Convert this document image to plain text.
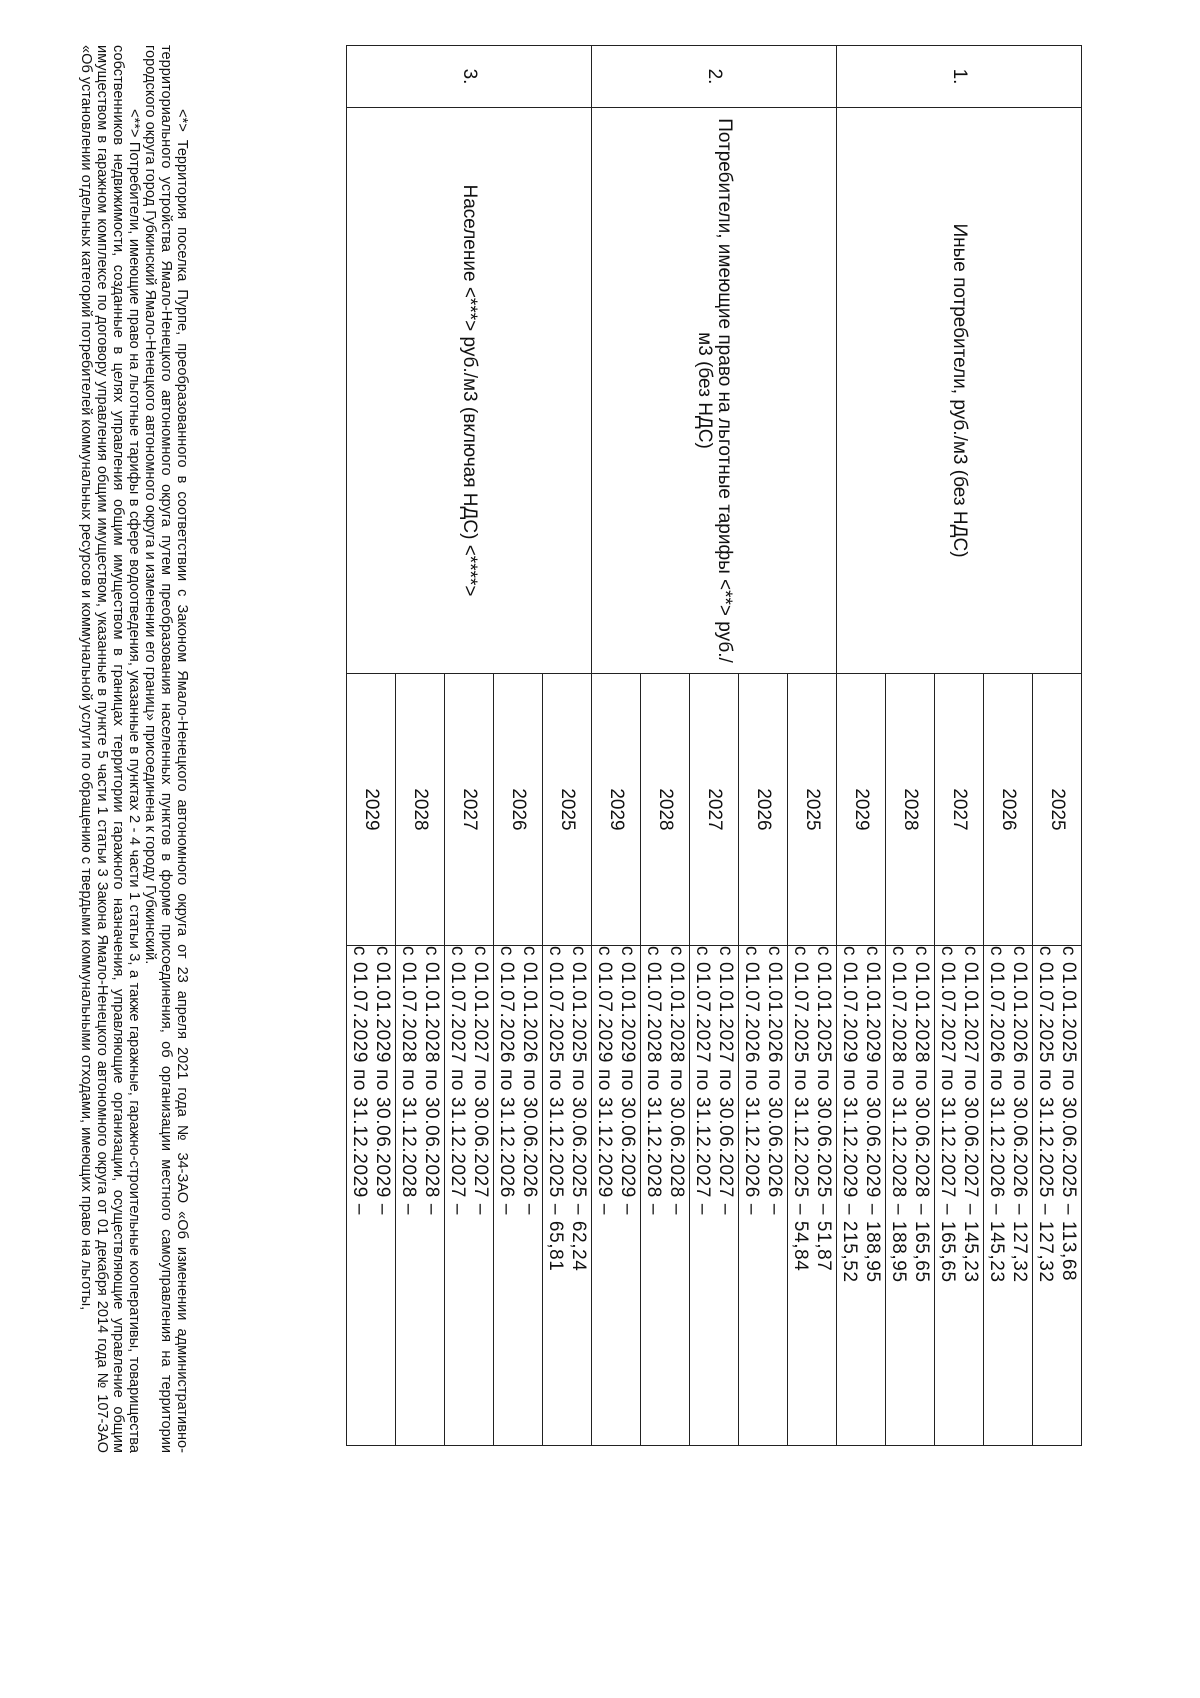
1.	Иные потребители, руб./м3 (без НДС)	2025	с 01.01.2025 по 30.06.2025 – 113,68
с 01.07.2025 по 31.12.2025 – 127,32

		2026	с 01.01.2026 по 30.06.2026 – 127,32
с 01.07.2026 по 31.12.2026 – 145,23

		2027	с 01.01.2027 по 30.06.2027 – 145,23
с 01.07.2027 по 31.12.2027 – 165,65

		2028	с 01.01.2028 по 30.06.2028 – 165,65
с 01.07.2028 по 31.12.2028 – 188,95

		2029	с 01.01.2029 по 30.06.2029 – 188,95
с 01.07.2029 по 31.12.2029 – 215,52

2.	Потребители, имеющие право на льготные тарифы <**> руб./м3 (без НДС)	2025	с 01.01.2025 по 30.06.2025 – 51,87
с 01.07.2025 по 31.12.2025 – 54,84

		2026	с 01.01.2026 по 30.06.2026 –
с 01.07.2026 по 31.12.2026 –

		2027	с 01.01.2027 по 30.06.2027 –
с 01.07.2027 по 31.12.2027 –

		2028	с 01.01.2028 по 30.06.2028 –
с 01.07.2028 по 31.12.2028 –

		2029	с 01.01.2029 по 30.06.2029 –
с 01.07.2029 по 31.12.2029 –

3.	Население <***> руб./м3 (включая НДС) <****>	2025	с 01.01.2025 по 30.06.2025 – 62,24
с 01.07.2025 по 31.12.2025 – 65,81

		2026	с 01.01.2026 по 30.06.2026 –
с 01.07.2026 по 31.12.2026 –

		2027	с 01.01.2027 по 30.06.2027 –
с 01.07.2027 по 31.12.2027 –

		2028	с 01.01.2028 по 30.06.2028 –
с 01.07.2028 по 31.12.2028 –

		2029	с 01.01.2029 по 30.06.2029 –
с 01.07.2029 по 31.12.2029 –

<*> Территория поселка Пурпе, преобразованного в соответствии с Законом Ямало-Ненецкого автономного округа от 23 апреля 2021 года № 34-ЗАО «Об изменении административно-территориального устройства Ямало-Ненецкого автономного округа путем преобразования населенных пунктов в форме присоединения, об организации местного самоуправления на территории городского округа город Губкинский Ямало-Ненецкого автономного округа и изменении его границ» присоединена к городу Губкинский.

<**> Потребители, имеющие право на льготные тарифы в сфере водоотведения, указанные в пунктах 2 - 4 части 1 статьи 3, а также гаражные, гаражно-строительные кооперативы, товарищества собственников недвижимости, созданные в целях управления общим имуществом в границах территории гаражного назначения, управляющие организации, осуществляющие управление общим имуществом в гаражном комплексе по договору управления общим имуществом, указанные в пункте 5 части 1 статьи 3 Закона Ямало-Ненецкого автономного округа от 01 декабря 2014 года № 107-ЗАО «Об установлении отдельных категорий потребителей коммунальных ресурсов и коммунальной услуги по обращению с твердыми коммунальными отходами, имеющих право на льготы,
